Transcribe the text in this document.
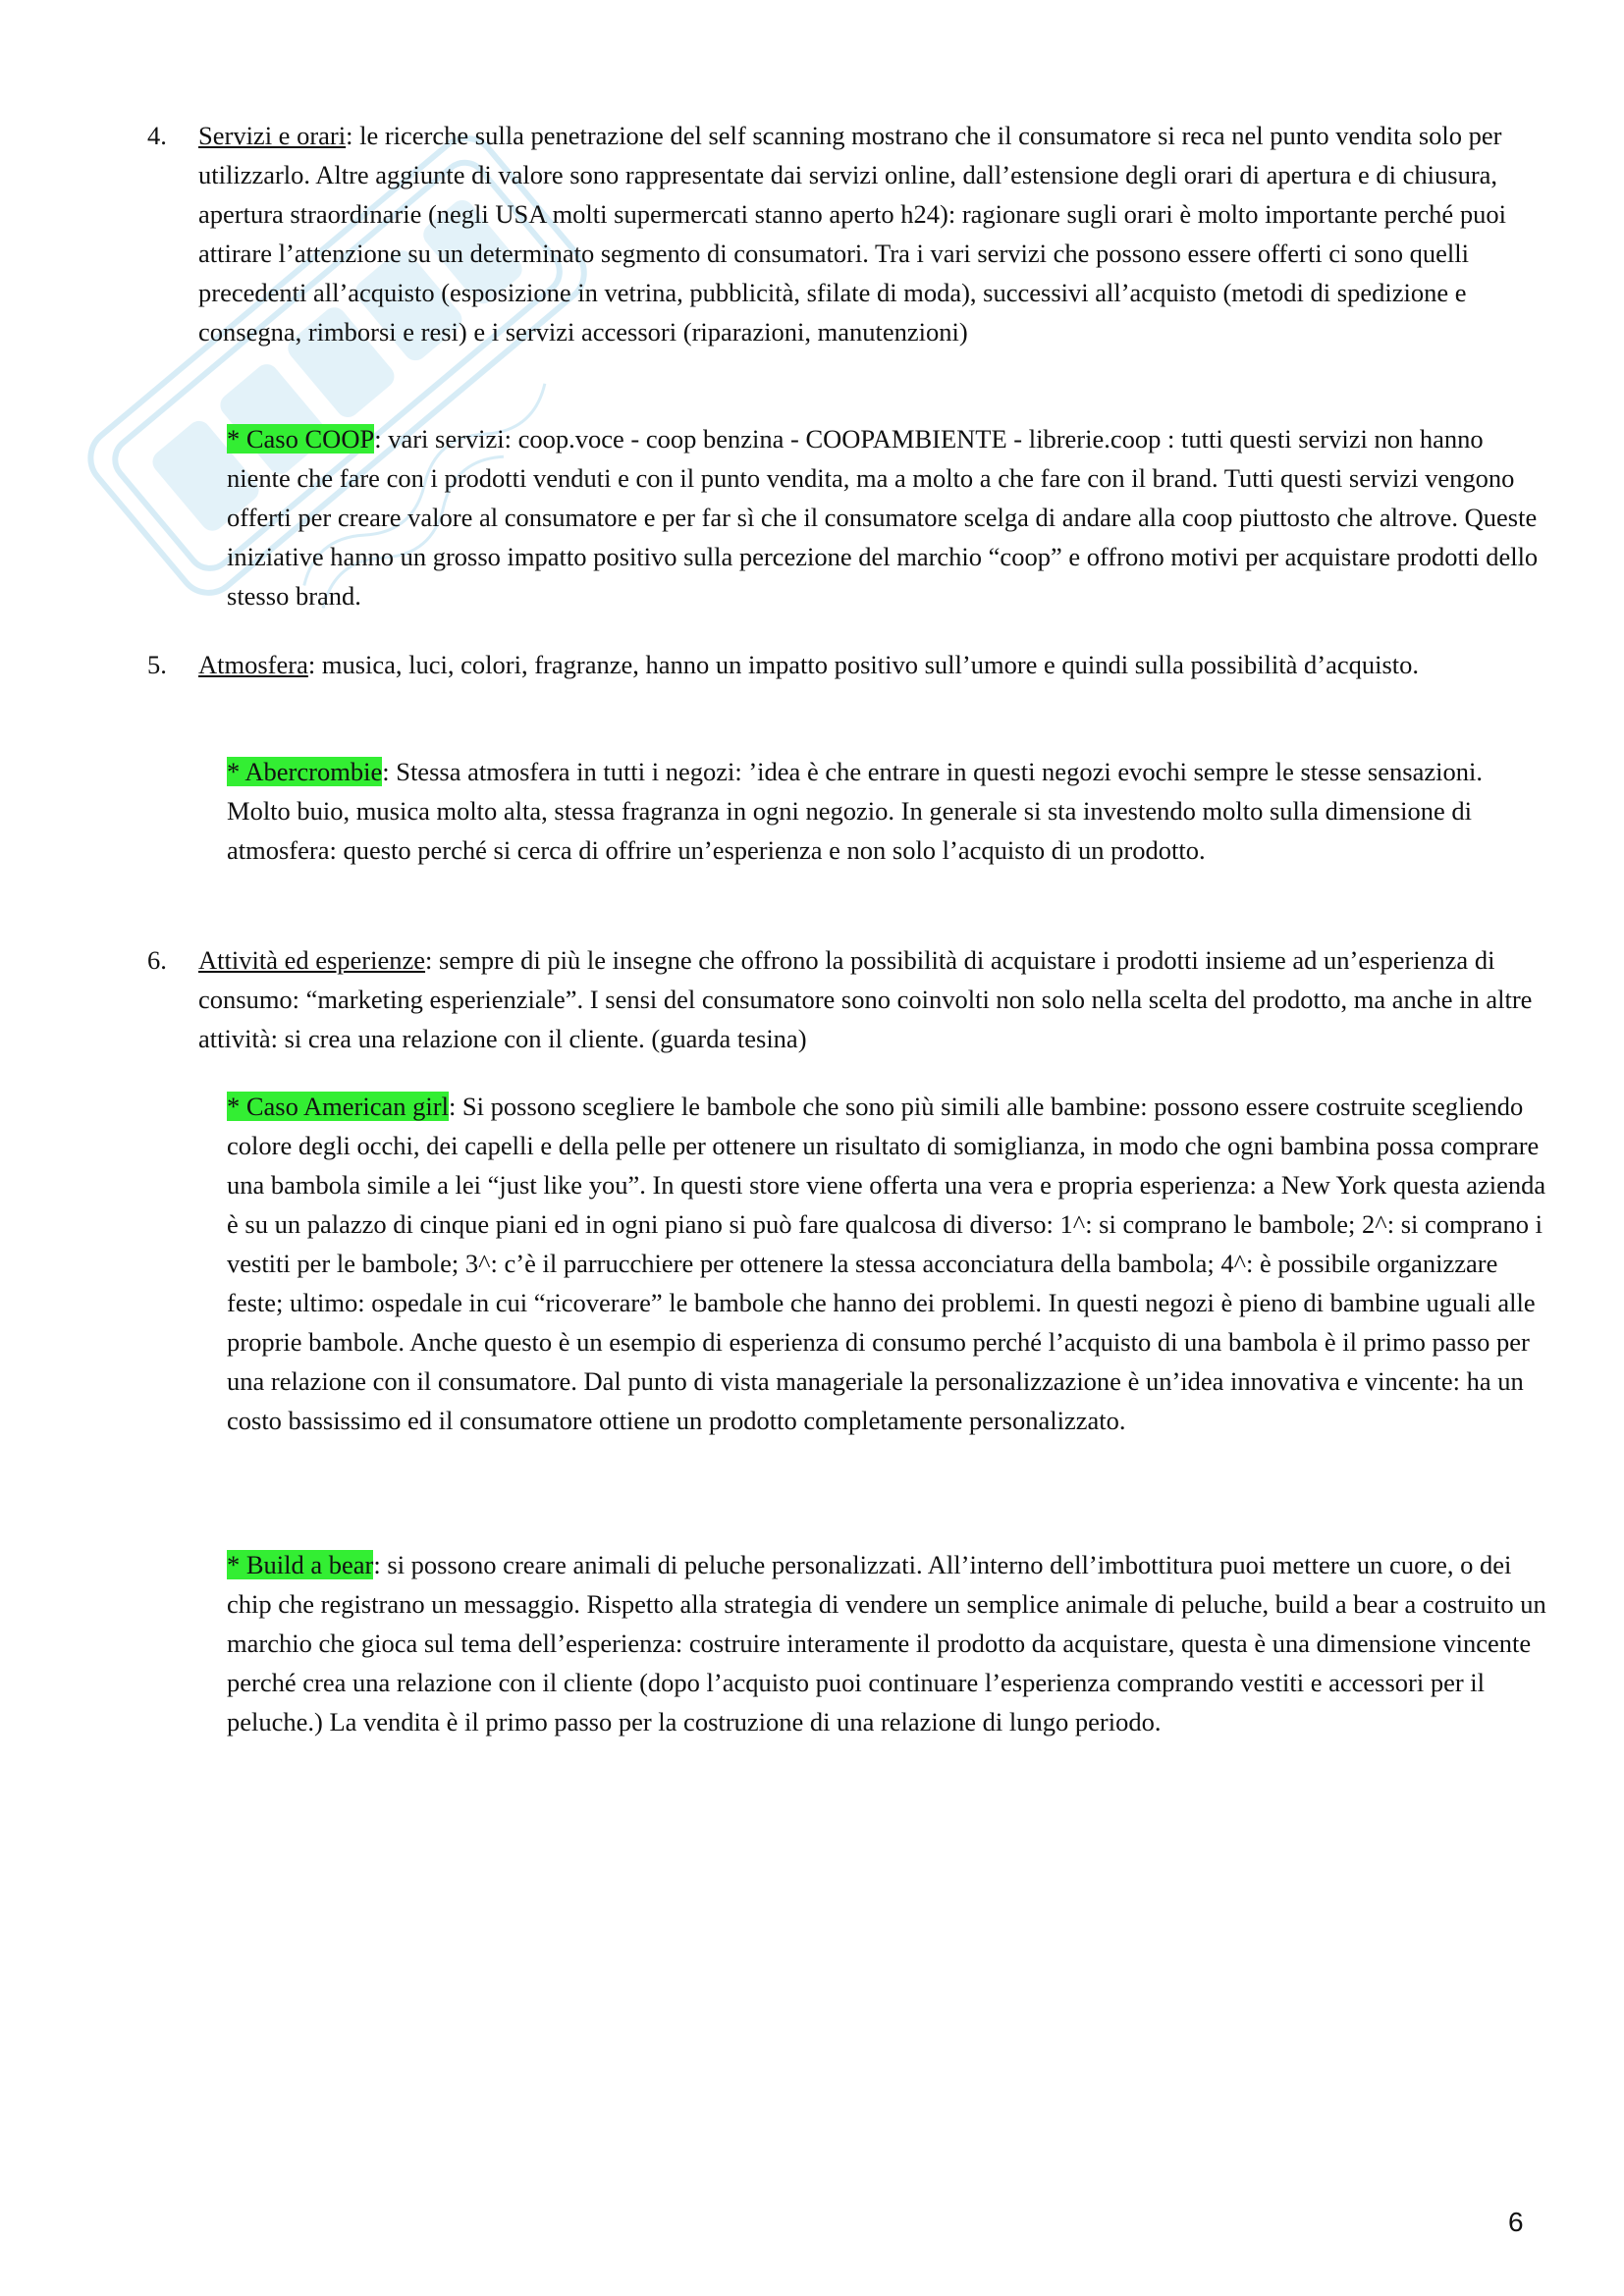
4.	Servizi e orari: le ricerche sulla penetrazione del self scanning mostrano che il consumatore si reca nel punto vendita solo per utilizzarlo. Altre aggiunte di valore sono rappresentate dai servizi online, dall’estensione degli orari di apertura e di chiusura, apertura straordinarie (negli USA molti supermercati stanno aperto h24): ragionare sugli orari è molto importante perché puoi attirare l’attenzione su un determinato segmento di consumatori. Tra i vari servizi che possono essere offerti ci sono quelli precedenti all’acquisto (esposizione in vetrina, pubblicità, sfilate di moda), successivi all’acquisto (metodi di spedizione e consegna, rimborsi e resi) e i servizi accessori (riparazioni, manutenzioni)
* Caso COOP: vari servizi: coop.voce - coop benzina - COOPAMBIENTE - librerie.coop : tutti questi servizi non hanno niente che fare con i prodotti venduti e con il punto vendita, ma a molto a che fare con il brand. Tutti questi servizi vengono offerti per creare valore al consumatore e per far sì che il consumatore scelga di andare alla coop piuttosto che altrove. Queste iniziative hanno un grosso impatto positivo sulla percezione del marchio “coop” e offrono motivi per acquistare prodotti dello stesso brand.
5.	Atmosfera: musica, luci, colori, fragranze, hanno un impatto positivo sull’umore e quindi sulla possibilità d’acquisto.
* Abercrombie: Stessa atmosfera in tutti i negozi: ’idea è che entrare in questi negozi evochi sempre le stesse sensazioni. Molto buio, musica molto alta, stessa fragranza in ogni negozio. In generale si sta investendo molto sulla dimensione di atmosfera: questo perché si cerca di offrire un’esperienza e non solo l’acquisto di un prodotto.
6.	Attività ed esperienze: sempre di più le insegne che offrono la possibilità di acquistare i prodotti insieme ad un’esperienza di consumo: “marketing esperienziale”. I sensi del consumatore sono coinvolti non solo nella scelta del prodotto, ma anche in altre attività: si crea una relazione con il cliente. (guarda tesina)
* Caso American girl: Si possono scegliere le bambole che sono più simili alle bambine: possono essere costruite scegliendo colore degli occhi, dei capelli e della pelle per ottenere un risultato di somiglianza, in modo che ogni bambina possa comprare una bambola simile a lei “just like you”. In questi store viene offerta una vera e propria esperienza: a New York questa azienda è su un palazzo di cinque piani ed in ogni piano si può fare qualcosa di diverso: 1^: si comprano le bambole; 2^: si comprano i vestiti per le bambole; 3^: c’è il parrucchiere per ottenere la stessa acconciatura della bambola; 4^: è possibile organizzare feste; ultimo: ospedale in cui “ricoverare” le bambole che hanno dei problemi. In questi negozi è pieno di bambine uguali alle proprie bambole. Anche questo è un esempio di esperienza di consumo perché l’acquisto di una bambola è il primo passo per una relazione con il consumatore. Dal punto di vista manageriale la personalizzazione è un’idea innovativa e vincente: ha un costo bassissimo ed il consumatore ottiene un prodotto completamente personalizzato.
* Build a bear: si possono creare animali di peluche personalizzati. All’interno dell’imbottitura puoi mettere un cuore, o dei chip che registrano un messaggio. Rispetto alla strategia di vendere un semplice animale di peluche, build a bear a costruito un marchio che gioca sul tema dell’esperienza: costruire interamente il prodotto da acquistare, questa è una dimensione vincente perché crea una relazione con il cliente (dopo l’acquisto puoi continuare l’esperienza comprando vestiti e accessori per il peluche.) La vendita è il primo passo per la costruzione di una relazione di lungo periodo.
6
